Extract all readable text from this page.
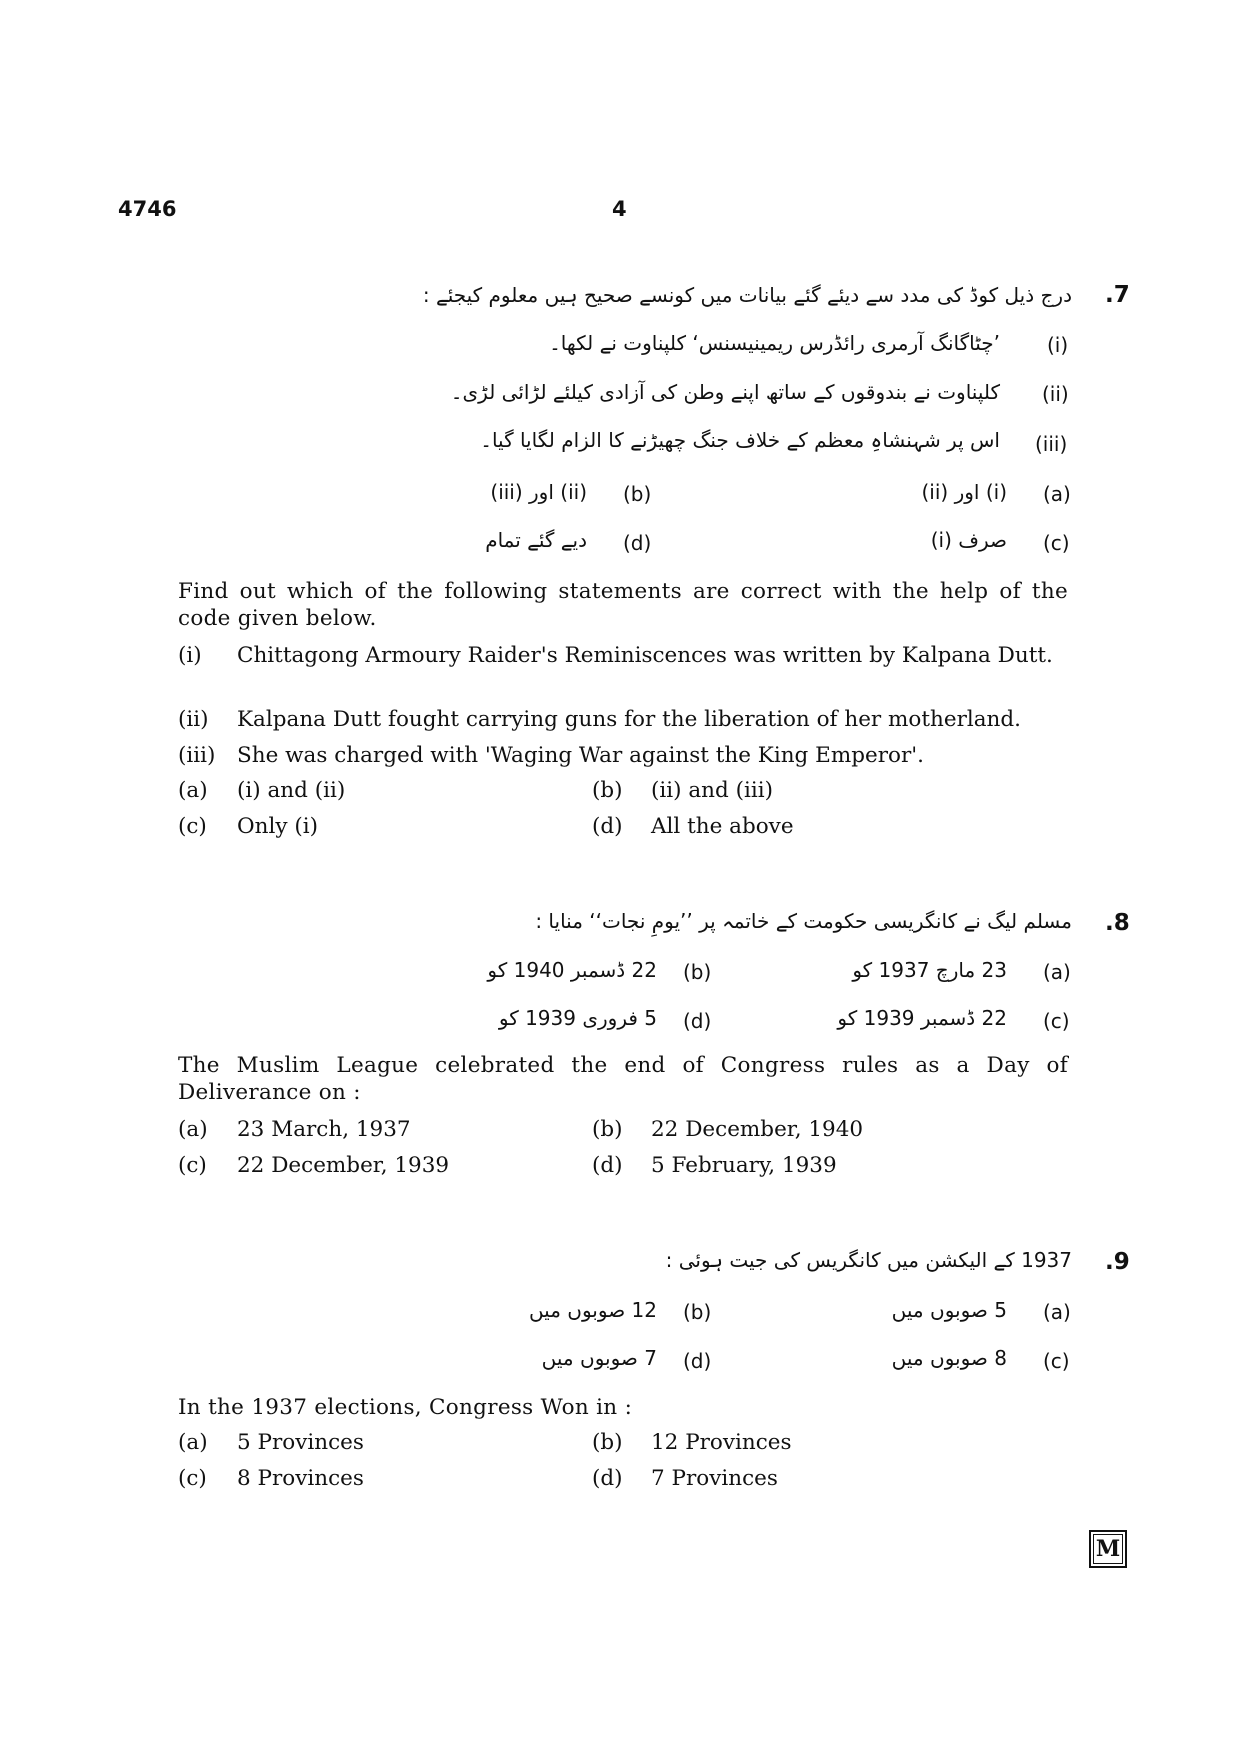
4746	4
.7
درج ذیل کوڈ کی مدد سے دیئے گئے بیانات میں کونسے صحیح ہیں معلوم کیجئے :
(i)
’چٹاگانگ آرمری رائڈرس ریمینیسنس‘ کلپناوت نے لکھا۔
(ii)
کلپناوت نے بندوقوں کے ساتھ اپنے وطن کی آزادی کیلئے لڑائی لڑی۔
(iii)
اس پر شہنشاہِ معظم کے خلاف جنگ چھیڑنے کا الزام لگایا گیا۔
(a)
(i) اور (ii)
(b)
(ii) اور (iii)
(c)
صرف (i)
(d)
دیے گئے تمام
Find out which of the following statements are correct with the help of the code given below.
(i) Chittagong Armoury Raider's Reminiscences was written by Kalpana Dutt.
(ii) Kalpana Dutt fought carrying guns for the liberation of her motherland.
(iii) She was charged with 'Waging War against the King Emperor'.
(a) (i) and (ii)	(b) (ii) and (iii)
(c) Only (i)	(d) All the above
.8
مسلم لیگ نے کانگریسی حکومت کے خاتمہ پر ’’یومِ نجات‘‘ منایا :
(a)
23 مارچ 1937 کو
(b)
22 ڈسمبر 1940 کو
(c)
22 ڈسمبر 1939 کو
(d)
5 فروری 1939 کو
The Muslim League celebrated the end of Congress rules as a Day of Deliverance on :
(a) 23 March, 1937	(b) 22 December, 1940
(c) 22 December, 1939	(d) 5 February, 1939
.9
1937 کے الیکشن میں کانگریس کی جیت ہوئی :
(a)
5 صوبوں میں
(b)
12 صوبوں میں
(c)
8 صوبوں میں
(d)
7 صوبوں میں
In the 1937 elections, Congress Won in :
(a) 5 Provinces	(b) 12 Provinces
(c) 8 Provinces	(d) 7 Provinces
M
